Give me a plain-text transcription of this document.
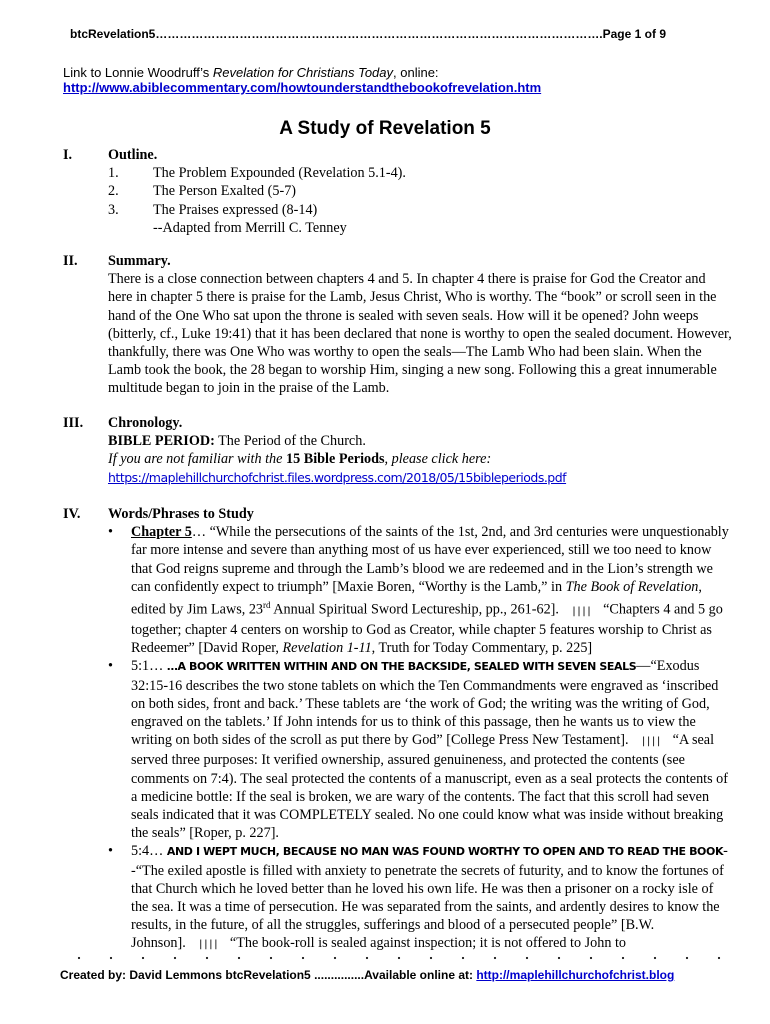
btcRevelation5
…………………………………………………………………………………………………………………………………………………	.Page 1 of 9
Link to Lonnie Woodruff’s Revelation for Christians Today, online:
http://www.abiblecommentary.com/howtounderstandthebookofrevelation.htm
A Study of Revelation 5
I.	Outline.
1.	The Problem Expounded (Revelation 5.1-4).
2.	The Person Exalted (5-7)
3.	The Praises expressed (8-14)
--Adapted from Merrill C. Tenney
II. Summary.
There is a close connection between chapters 4 and 5. In chapter 4 there is praise for God the Creator and here in chapter 5 there is praise for the Lamb, Jesus Christ, Who is worthy. The “book” or scroll seen in the hand of the One Who sat upon the throne is sealed with seven seals. How will it be opened? John weeps (bitterly, cf., Luke 19:41) that it has been declared that none is worthy to open the sealed document. However, thankfully, there was One Who was worthy to open the seals—The Lamb Who had been slain. When the Lamb took the book, the 28 began to worship Him, singing a new song. Following this a great innumerable multitude began to join in the praise of the Lamb.
III. Chronology.
BIBLE PERIOD: The Period of the Church.
If you are not familiar with the 15 Bible Periods, please click here:
https://maplehillchurchofchrist.files.wordpress.com/2018/05/15bibleperiods.pdf
IV. Words/Phrases to Study
• Chapter 5… “While the persecutions of the saints of the 1st, 2nd, and 3rd centuries were unquestionably far more intense and severe than anything most of us have ever experienced, still we too need to know that God reigns supreme and through the Lamb’s blood we are redeemed and in the Lion’s strength we can confidently expect to triumph” [Maxie Boren, “Worthy is the Lamb,” in The Book of Revelation, edited by Jim Laws, 23rd Annual Spiritual Sword Lectureship, pp., 261-62]. |||| “Chapters 4 and 5 go together; chapter 4 centers on worship to God as Creator, while chapter 5 features worship to Christ as Redeemer” [David Roper, Revelation 1-11, Truth for Today Commentary, p. 225]
• 5:1… …A BOOK WRITTEN WITHIN AND ON THE BACKSIDE, SEALED WITH SEVEN SEALS—“Exodus 32:15-16 describes the two stone tablets on which the Ten Commandments were engraved as ‘inscribed on both sides, front and back.’ These tablets are ‘the work of God; the writing was the writing of God, engraved on the tablets.’ If John intends for us to think of this passage, then he wants us to view the writing on both sides of the scroll as put there by God” [College Press New Testament]. |||| “A seal served three purposes: It verified ownership, assured genuineness, and protected the contents (see comments on 7:4). The seal protected the contents of a manuscript, even as a seal protects the contents of a medicine bottle: If the seal is broken, we are wary of the contents. The fact that this scroll had seven seals indicated that it was COMPLETELY sealed. No one could know what was inside without breaking the seals” [Roper, p. 227].
• 5:4… AND I WEPT MUCH, BECAUSE NO MAN WAS FOUND WORTHY TO OPEN AND TO READ THE BOOK--“The exiled apostle is filled with anxiety to penetrate the secrets of futurity, and to know the fortunes of that Church which he loved better than he loved his own life. He was then a prisoner on a rocky isle of the sea. It was a time of persecution. He was separated from the saints, and ardently desires to know the results, in the future, of all the struggles, sufferings and blood of a persecuted people” [B.W. Johnson]. |||| “The book-roll is sealed against inspection; it is not offered to John to
Created by: David Lemmons btcRevelation5 ...............Available online at: http://maplehillchurchofchrist.blog
